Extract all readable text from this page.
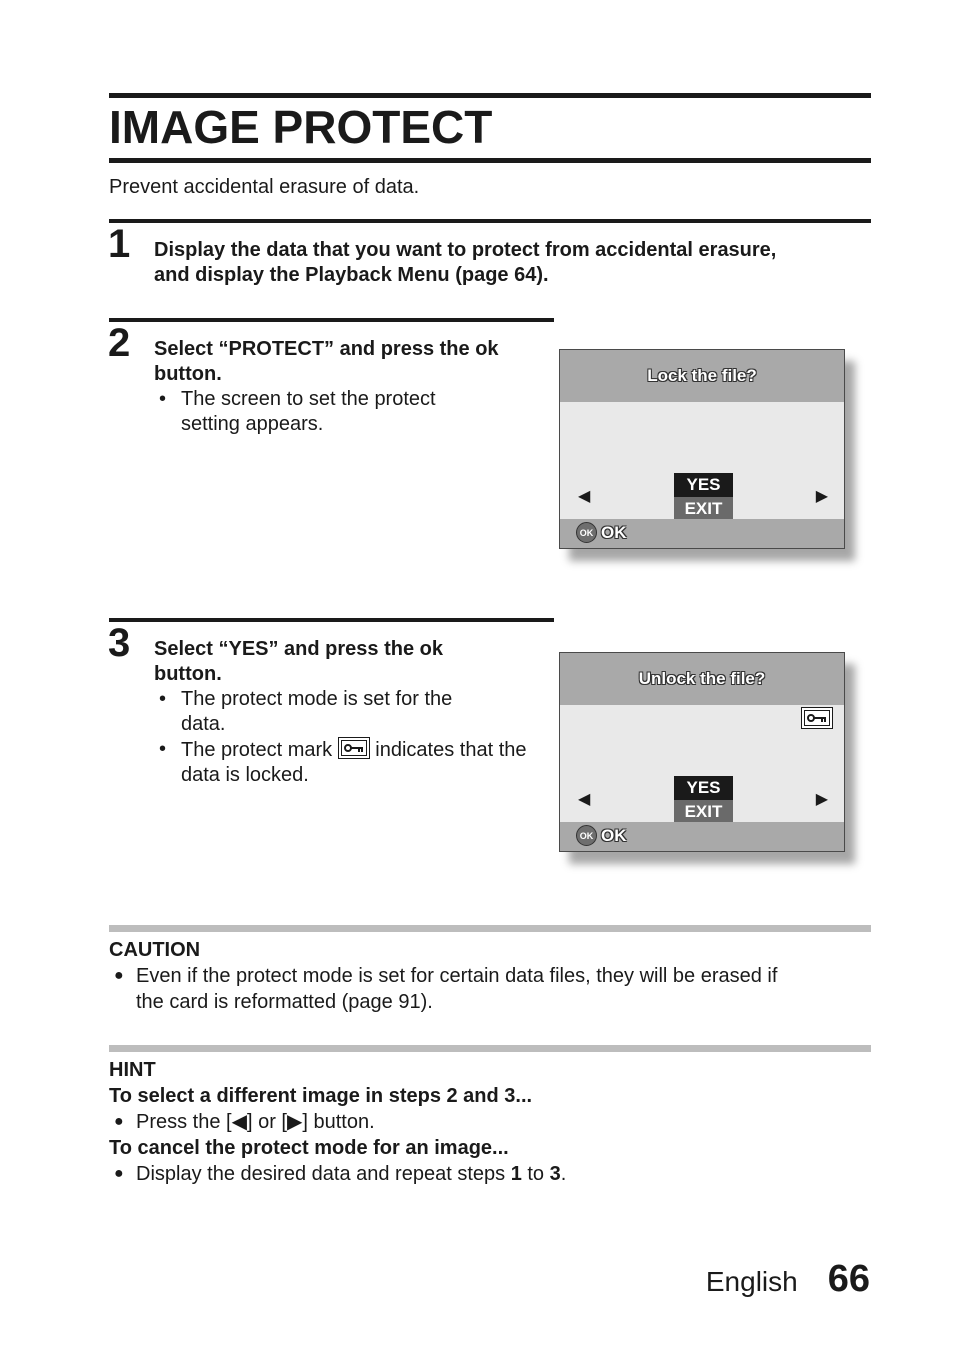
IMAGE PROTECT
Prevent accidental erasure of data.
1 Display the data that you want to protect from accidental erasure,
and display the Playback Menu (page 64).
2 Select “PROTECT” and press the ok
button.
• The screen to set the protect setting appears.
Lock the file?
◀	▶
YES
EXIT
OK OK
3 Select “YES” and press the ok
button.
• The protect mode is set for the data.
• The protect mark indicates that the data is locked.
Unlock the file?
◀	▶
YES
EXIT
OK OK
CAUTION
● Even if the protect mode is set for certain data files, they will be erased if
the card is reformatted (page 91).
HINT
To select a different image in steps 2 and 3...
● Press the [◀] or [▶] button.
To cancel the protect mode for an image...
● Display the desired data and repeat steps 1 to 3.
English 66
